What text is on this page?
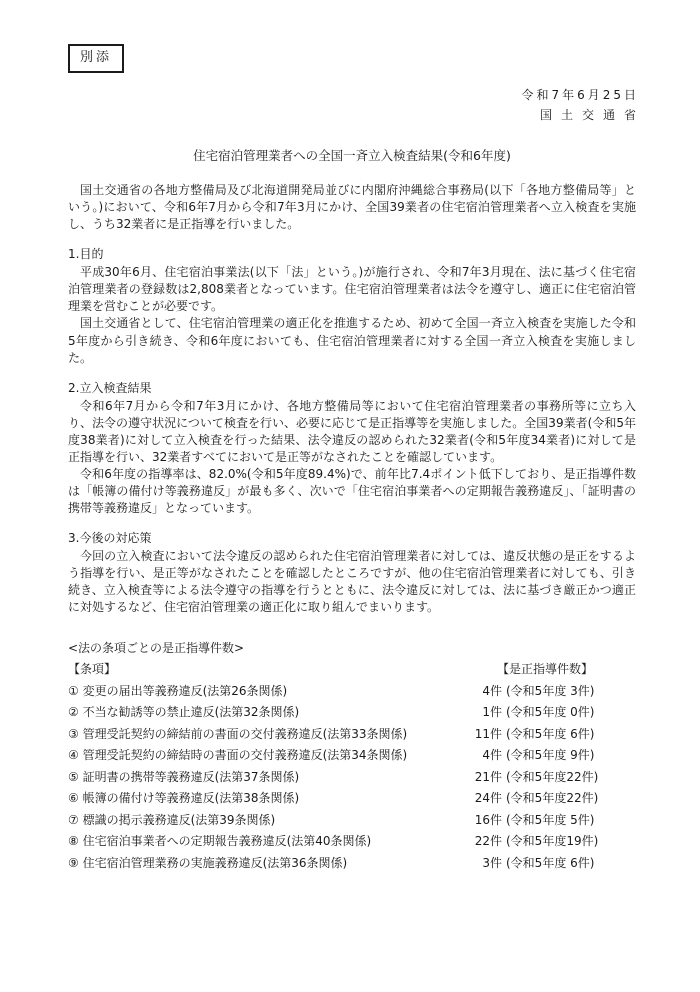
別添
令和7年6月25日
国土交通省
住宅宿泊管理業者への全国一斉立入検査結果(令和6年度)

国土交通省の各地方整備局及び北海道開発局並びに内閣府沖縄総合事務局(以下「各地方整備局等」という。)において、令和6年7月から令和7年3月にかけ、全国39業者の住宅宿泊管理業者へ立入検査を実施し、うち32業者に是正指導を行いました。

1.目的

平成30年6月、住宅宿泊事業法(以下「法」という。)が施行され、令和7年3月現在、法に基づく住宅宿泊管理業者の登録数は2,808業者となっています。住宅宿泊管理業者は法令を遵守し、適正に住宅宿泊管理業を営むことが必要です。

国土交通省として、住宅宿泊管理業の適正化を推進するため、初めて全国一斉立入検査を実施した令和5年度から引き続き、令和6年度においても、住宅宿泊管理業者に対する全国一斉立入検査を実施しました。

2.立入検査結果

令和6年7月から令和7年3月にかけ、各地方整備局等において住宅宿泊管理業者の事務所等に立ち入り、法令の遵守状況について検査を行い、必要に応じて是正指導等を実施しました。全国39業者(令和5年度38業者)に対して立入検査を行った結果、法令違反の認められた32業者(令和5年度34業者)に対して是正指導を行い、32業者すべてにおいて是正等がなされたことを確認しています。

令和6年度の指導率は、82.0%(令和5年度89.4%)で、前年比7.4ポイント低下しており、是正指導件数は「帳簿の備付け等義務違反」が最も多く、次いで「住宅宿泊事業者への定期報告義務違反」、「証明書の携帯等義務違反」となっています。

3.今後の対応策

今回の立入検査において法令違反の認められた住宅宿泊管理業者に対しては、違反状態の是正をするよう指導を行い、是正等がなされたことを確認したところですが、他の住宅宿泊管理業者に対しても、引き続き、立入検査等による法令遵守の指導を行うとともに、法令違反に対しては、法に基づき厳正かつ適正に対処するなど、住宅宿泊管理業の適正化に取り組んでまいります。

<法の条項ごとの是正指導件数>
【条項】	【是正指導件数】
① 変更の届出等義務違反(法第26条関係)	4件 (令和5年度 3件)
② 不当な勧誘等の禁止違反(法第32条関係)	1件 (令和5年度 0件)
③ 管理受託契約の締結前の書面の交付義務違反(法第33条関係)	11件 (令和5年度 6件)
④ 管理受託契約の締結時の書面の交付義務違反(法第34条関係)	4件 (令和5年度 9件)
⑤ 証明書の携帯等義務違反(法第37条関係)	21件 (令和5年度22件)
⑥ 帳簿の備付け等義務違反(法第38条関係)	24件 (令和5年度22件)
⑦ 標識の掲示義務違反(法第39条関係)	16件 (令和5年度 5件)
⑧ 住宅宿泊事業者への定期報告義務違反(法第40条関係)	22件 (令和5年度19件)
⑨ 住宅宿泊管理業務の実施義務違反(法第36条関係)	3件 (令和5年度 6件)
